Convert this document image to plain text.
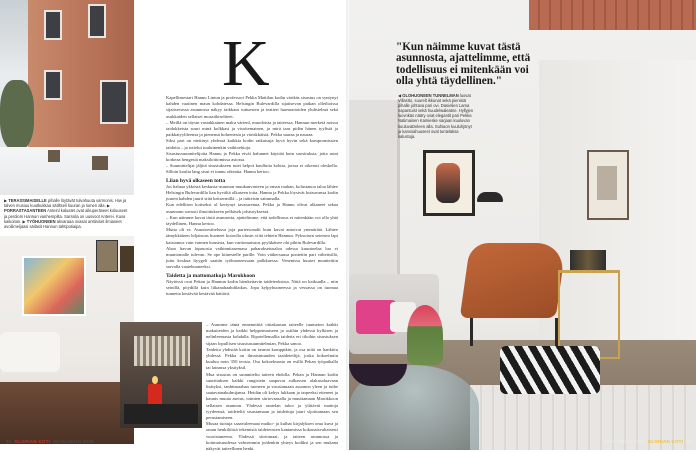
▶ TERASSIMAISELLE pihalle löytävät tulvahuuta varmonis. Hiw ja talven musiuu kuutkukkaa sätiltseli kuuran ja lumen alla. ▶ PORRASTASANTEEN Anteinl kaluatet ovat aikuperäseet koluuseet ja perdiom Hannun vanhempilta. Sarssila on uusvoot Anterei. Kuva kaikoitan. ▶ TYÖHUONEEN akvaraaa ovasat anttiniset ilmiaseet avoilimeljaasi säilasit Hannun tahtipotiaipa.
K
Kapellimestari Hannu Lintun ja professori Pekka Mattilan kodin värikäs sisustus on syntynyt kahden vaatinen maun kohdatessa. Helsingin Bulevardilla sijaitsevan paikan olleiltoissa sijaitsevassa asunnossa näkyy taikkaus tuttuesten ja teatteri harmonioiden yhdistelmä sekä asukkaiden sellaiset mosaiikiseltteet.
– Meillä on täysin vastakkainen maku värienl, muodoista ja taiteessa. Hannun merkeiä noissa taidokkeista suuri minä kolkkasi ja visoitemainen, ja mirä taas pidän hänen tyylistä ja paikkatyylileensa ja pienensä hobrenesta ja väriskkäistä. Pekka saaraa ja nauraa.
Siksi pari on niettinyt yhdessä kaikkia kodin ratkaisuja hyvä hyvin sekä kompromissien taidotta – ja tottelut tuuluinenkin vaihtoehtoja.
Sisustussuunnitelijoita Hannu ja Pekka eivät halunnet käyttää kuin suosituksia, jotta asiat korkeaa hengestä maksiloittomissa asiossa.
– Suunnittelijat jäljitä sisustukseen tuiet helpot kuulluita kohtia, joissa ei oikeasti oleskella. Silloin koulta lang sisui ei tunnu oikeatta. Hannu kertoo.
Liian hyvä olkaseen totta
Jos haluaa ykköstä keskusta-asunnon muukanvasteen ja oman rauhan, kolustanoa taloa lähtee Helsingin Bulevardilla lian hyvältä olkaseen totta. Hannu ja Pekka löysivät kutsuvansa kodin juuren kahden juurii siitä kriisermillä – ja taitteisin sattumalla.
Kun edellisen kotiseksi ol kertynyt tavararenua, Pekka ja Hannu olivat alkaneet sekaa asunnonn suvusti ilmoittukseen pelkäsek jolstusyksessä.
– Kun näimme kuvat tästä asunnosta, ajattelimme, että todellisuus ei mitenkään voi olla yhtä täydellinen, Hannu kertoo.
Mutta oli se. Asuntoesittelussa joja pariersonalit kuin kuvat antoivat ymmärtää. Lähtee tämykkäinen hiljaisuus huoneet kotoolla ulusin viitä tehtein Hannun. Pyksoisen seteisen lapi kaisiamus vain vaimen kuusisia, kun vartiomaisuus pyyhkäisee ohi pihiin Bulevardilla.
Ahoo havun lopasosia vaihinnitasemasa paharaksetusaloa odessa kuuntoelaa luo ei muuttomalle tulevan. Se ope kiinestelle parille. Voin väikersuusa pontettin pari vältetisillä, juttu koskua ltyygeli saattin työhuoneessaan pulkkaessa. Venenissa huuset muuttettiin sarvalla vaatehuoneeksi.
Taidetta ja mattomatkoja Marokkoon
Näytössä ovat Pekan ja Hannun kodin hienkettavin taideteoksista. Niitä on kaiksadla – niin seinillä, pöydillä kuin liikanahaahdilaikas. Jopa kylpyhuoneessa ja vessassa on tuomaa tunnetta kestävää kestävää kättävä.
– Asumme tämä ennenniittä ottiakaasan taiteelle tuumeton kaikki makutteiden ja kaikki helppeimaiseen ja ostihin yhdessä kylkisen ja nelinleemasta kohdalla. Ripotellemallia taidetta eri tiloihin sisustuksen sijaan lopullisen sisustusuunnitelmian, Pekka sanoo.
Taidetta yhdistää kotiin on tasmat komppikin, ja osa niitä on hankittu yhdessä. Pekka on ilmaisimuuden taaideteilijä, joska kokoelmiin kuuluu noin 350 teosta. Osa kokoelmasta on esillä Pekan työpaikalla tai lainassa yksityksil.
Mua sisustus on suunniteltu taiteen ehdolla. Pekan ja Hannun kodin suurtituksen kaikki rangistein saapuvat sulkassen alakusaluavaan lisätyksi, tanhtimaahan tuoneen ja sisustamaan asunnon yleen ja tuihe saatavatnakulmijansa. Heidän oli kehys lukkaan ja tarpeeksi etteneet ja kaunis muuta asetus, toimien siirtovaasalla ja muuttamaan Marokkoon sellaisen asunnon. Yhdessä rantelan taloo ja ylittävät mattoja tyydeensä, taideteltä sisustamaan ja taidettuja juuri sijoittamaan sen perustamiseen.
Musaa tuotuja saaavaleenaaa matko- ja kulhat kirjalyksen oma kuva ja oman henkilöistä tekemistä taideteosten kantamissa kokonaisvaltaisesti vuoristuneena. Yhdessä siirtomaat, ja taiteen asunnossa ja kotimaisuudessa vahvemmin joidenkin yhteys kodiksi ja sen mukana näkyvät taiteellinen henki.
32 GLORIAN KOTI MAALISKUU 2018
"Kun näimme kuvat tästä asunnosta, ajattelimme, että todellisuus ei mitenkään voi olla yhtä täydellinen."
◀ OLOHUONEEN TUNNELMAN luovat Villastto, suurelt ikkunat sekä pienistä pihalle johtava pari ovi. Danielien Lama napantuist sekä huudelwaleatne. Hyllyjen luovnkäs nääry ovat elegantit pari Pekka Natimainen Kamieske sarjaan kuuluvan kuuluvaDeleen alla. Suhiaon kuuluhjönyt ja kanssahuuseet ovat tuntelaksa kalustoja.
MAALISKUU 2018 GLORIAN KOTI 33
